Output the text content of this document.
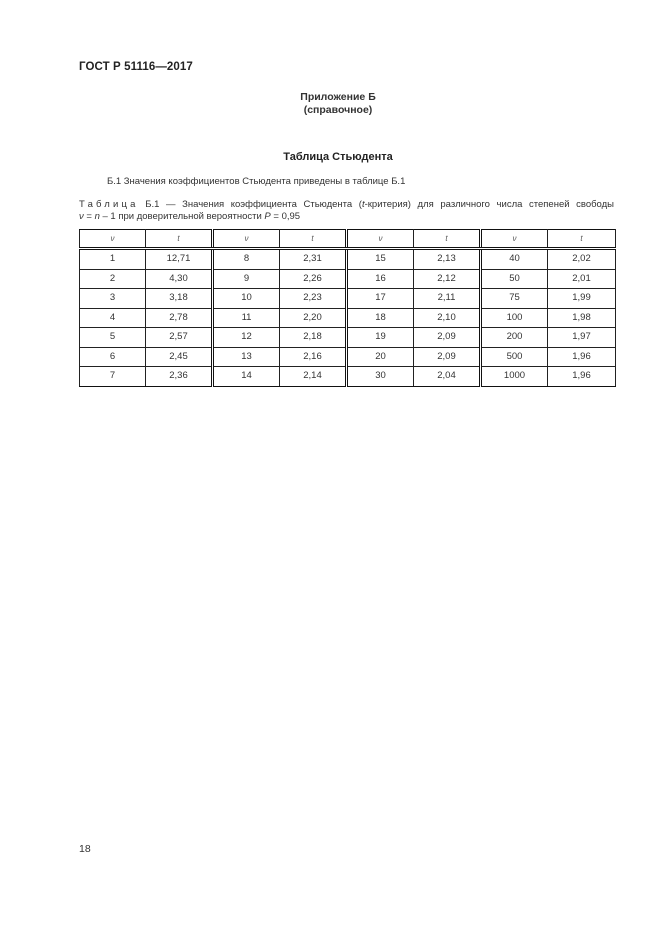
ГОСТ Р 51116—2017
Приложение Б
(справочное)
Таблица Стьюдента
Б.1 Значения коэффициентов Стьюдента приведены в таблице Б.1
Таблица Б.1 — Значения коэффициента Стьюдента (t-критерия) для различного числа степеней свободы
ν = n – 1 при доверительной вероятности P = 0,95
ν	t	ν	t	ν	t	ν	t
1	12,71	8	2,31	15	2,13	40	2,02
2	4,30	9	2,26	16	2,12	50	2,01
3	3,18	10	2,23	17	2,11	75	1,99
4	2,78	11	2,20	18	2,10	100	1,98
5	2,57	12	2,18	19	2,09	200	1,97
6	2,45	13	2,16	20	2,09	500	1,96
7	2,36	14	2,14	30	2,04	1000	1,96
18
